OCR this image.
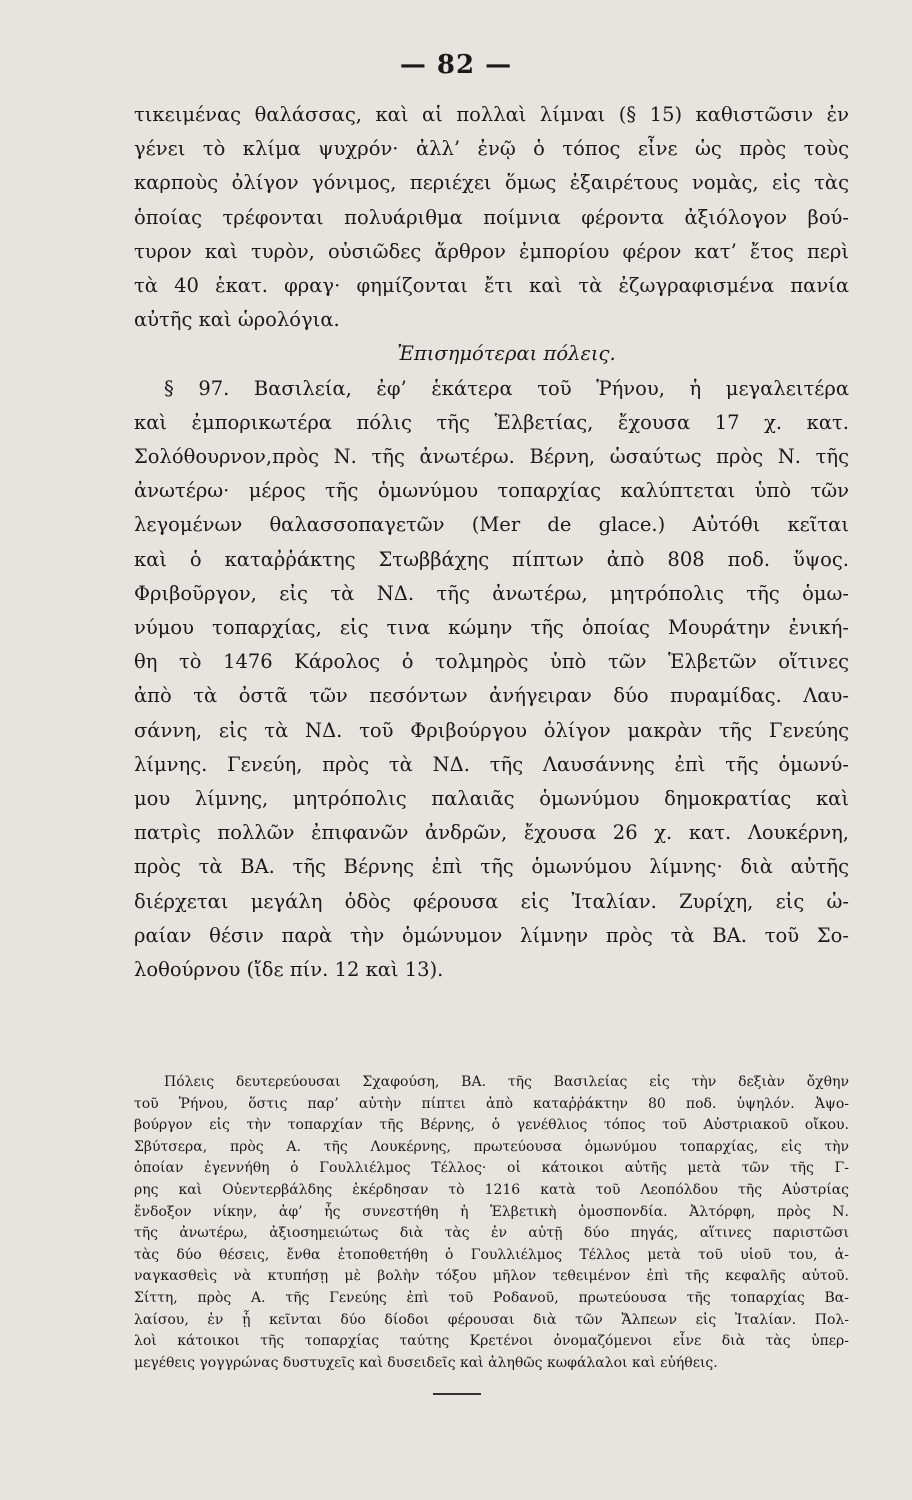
— 82 —
τικειμένας θαλάσσας, καὶ αἱ πολλαὶ λίμναι (§ 15) καθιστῶσιν ἐν
γένει τὸ κλίμα ψυχρόν· ἀλλ’ ἐνῷ ὁ τόπος εἶνε ὡς πρὸς τοὺς
καρποὺς ὀλίγον γόνιμος, περιέχει ὅμως ἐξαιρέτους νομὰς, εἰς τὰς
ὁποίας τρέφονται πολυάριθμα ποίμνια φέροντα ἀξιόλογον βού-
τυρον καὶ τυρὸν, οὐσιῶδες ἄρθρον ἐμπορίου φέρον κατ’ ἔτος περὶ
τὰ 40 ἑκατ. φραγ· φημίζονται ἔτι καὶ τὰ ἐζωγραφισμένα πανία
αὐτῆς καὶ ὡρολόγια.
Ἐπισημότεραι πόλεις.
§ 97. Βασιλεία, ἐφ’ ἑκάτερα τοῦ Ῥήνου, ἡ μεγαλειτέρα
καὶ ἐμπορικωτέρα πόλις τῆς Ἑλβετίας, ἔχουσα 17 χ. κατ.
Σολόθουρνον,πρὸς Ν. τῆς ἀνωτέρω. Βέρνη, ὡσαύτως πρὸς Ν. τῆς
ἀνωτέρω· μέρος τῆς ὁμωνύμου τοπαρχίας καλύπτεται ὑπὸ τῶν
λεγομένων θαλασσοπαγετῶν (Mer de glace.) Αὐτόθι κεῖται
καὶ ὁ καταῤῥάκτης Στωββάχης πίπτων ἀπὸ 808 ποδ. ὕψος.
Φριβοῦργον, εἰς τὰ ΝΔ. τῆς ἀνωτέρω, μητρόπολις τῆς ὁμω-
νύμου τοπαρχίας, εἰς τινα κώμην τῆς ὁποίας Μουράτην ἐνική-
θη τὸ 1476 Κάρολος ὁ τολμηρὸς ὑπὸ τῶν Ἑλβετῶν οἵτινες
ἀπὸ τὰ ὀστᾶ τῶν πεσόντων ἀνήγειραν δύο πυραμίδας. Λαυ-
σάννη, εἰς τὰ ΝΔ. τοῦ Φριβούργου ὀλίγον μακρὰν τῆς Γενεύης
λίμνης. Γενεύη, πρὸς τὰ ΝΔ. τῆς Λαυσάννης ἐπὶ τῆς ὁμωνύ-
μου λίμνης, μητρόπολις παλαιᾶς ὁμωνύμου δημοκρατίας καὶ
πατρὶς πολλῶν ἐπιφανῶν ἀνδρῶν, ἔχουσα 26 χ. κατ. Λουκέρνη,
πρὸς τὰ ΒΑ. τῆς Βέρνης ἐπὶ τῆς ὁμωνύμου λίμνης· διὰ αὐτῆς
διέρχεται μεγάλη ὁδὸς φέρουσα εἰς Ἰταλίαν. Ζυρίχη, εἰς ὡ-
ραίαν θέσιν παρὰ τὴν ὁμώνυμον λίμνην πρὸς τὰ ΒΑ. τοῦ Σο-
λοθούρνου (ἴδε πίν. 12 καὶ 13).
Πόλεις δευτερεύουσαι Σχαφούση, ΒΑ. τῆς Βασιλείας εἰς τὴν δεξιὰν ὄχθην
τοῦ Ῥήνου, ὅστις παρ’ αὐτὴν πίπτει ἀπὸ καταῤῥάκτην 80 ποδ. ὑψηλόν. Ἀψο-
βούργον εἰς τὴν τοπαρχίαν τῆς Βέρνης, ὁ γενέθλιος τόπος τοῦ Αὐστριακοῦ οἴκου.
Σβύτσερα, πρὸς Α. τῆς Λουκέρνης, πρωτεύουσα ὁμωνύμου τοπαρχίας, εἰς τὴν
ὁποίαν ἐγεννήθη ὁ Γουλλιέλμος Τέλλος· οἱ κάτοικοι αὐτῆς μετὰ τῶν τῆς Γ-
ρης καὶ Οὐεντερβάλδης ἐκέρδησαν τὸ 1216 κατὰ τοῦ Λεοπόλδου τῆς Αὐστρίας
ἔνδοξον νίκην, ἀφ’ ἧς συνεστήθη ἡ Ἑλβετικὴ ὁμοσπονδία. Ἀλτόρφη, πρὸς Ν.
τῆς ἀνωτέρω, ἀξιοσημειώτως διὰ τὰς ἐν αὐτῇ δύο πηγάς, αἵτινες παριστῶσι
τὰς δύο θέσεις, ἔνθα ἐτοποθετήθη ὁ Γουλλιέλμος Τέλλος μετὰ τοῦ υἱοῦ του, ἀ-
ναγκασθεὶς νὰ κτυπήσῃ μὲ βολὴν τόξου μῆλον τεθειμένον ἐπὶ τῆς κεφαλῆς αὐτοῦ.
Σίττη, πρὸς Α. τῆς Γενεύης ἐπὶ τοῦ Ροδανοῦ, πρωτεύουσα τῆς τοπαρχίας Βα-
λαίσου, ἐν ᾗ κεῖνται δύο δίοδοι φέρουσαι διὰ τῶν Ἄλπεων εἰς Ἰταλίαν. Πολ-
λοὶ κάτοικοι τῆς τοπαρχίας ταύτης Κρετένοι ὀνομαζόμενοι εἶνε διὰ τὰς ὑπερ-
μεγέθεις γογγρώνας δυστυχεῖς καὶ δυσειδεῖς καὶ ἀληθῶς κωφάλαλοι καὶ εὐήθεις.
